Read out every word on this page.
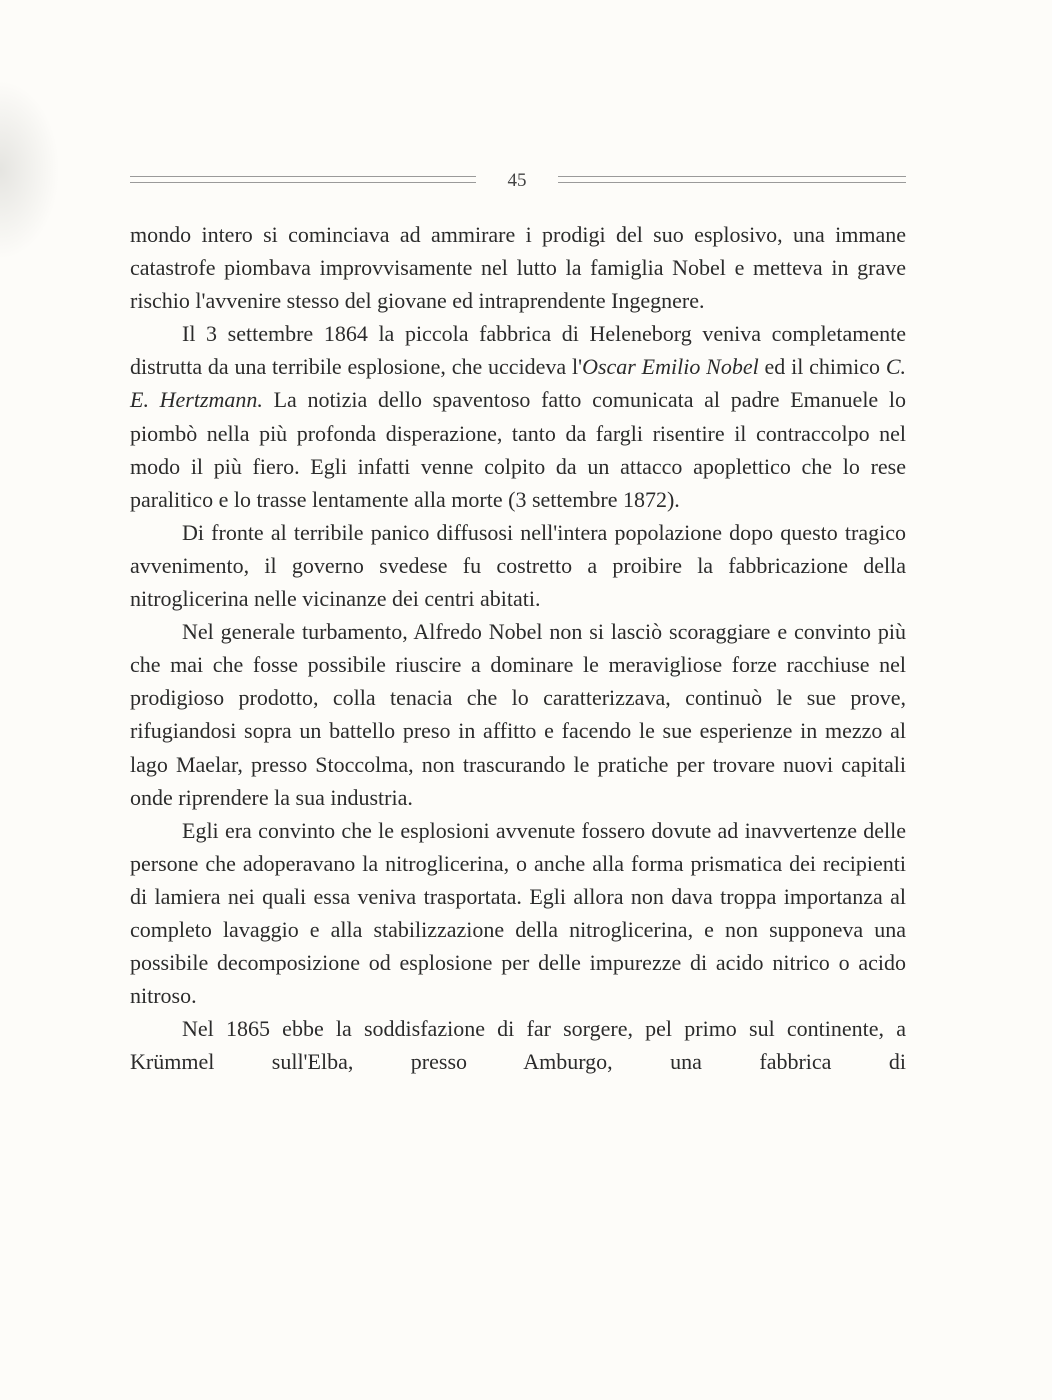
45

mondo intero si cominciava ad ammirare i prodigi del suo esplosivo, una immane catastrofe piombava improvvisamente nel lutto la famiglia Nobel e metteva in grave rischio l'avvenire stesso del giovane ed intraprendente Ingegnere.

Il 3 settembre 1864 la piccola fabbrica di Heleneborg veniva completamente distrutta da una terribile esplosione, che uccideva l'Oscar Emilio Nobel ed il chimico C. E. Hertzmann. La notizia dello spaventoso fatto comunicata al padre Emanuele lo piombò nella più profonda disperazione, tanto da fargli risentire il contraccolpo nel modo il più fiero. Egli infatti venne colpito da un attacco apoplettico che lo rese paralitico e lo trasse lentamente alla morte (3 settembre 1872).

Di fronte al terribile panico diffusosi nell'intera popolazione dopo questo tragico avvenimento, il governo svedese fu costretto a proibire la fabbricazione della nitroglicerina nelle vicinanze dei centri abitati.

Nel generale turbamento, Alfredo Nobel non si lasciò scoraggiare e convinto più che mai che fosse possibile riuscire a dominare le meravigliose forze racchiuse nel prodigioso prodotto, colla tenacia che lo caratterizzava, continuò le sue prove, rifugiandosi sopra un battello preso in affitto e facendo le sue esperienze in mezzo al lago Maelar, presso Stoccolma, non trascurando le pratiche per trovare nuovi capitali onde riprendere la sua industria.

Egli era convinto che le esplosioni avvenute fossero dovute ad inavvertenze delle persone che adoperavano la nitroglicerina, o anche alla forma prismatica dei recipienti di lamiera nei quali essa veniva trasportata. Egli allora non dava troppa importanza al completo lavaggio e alla stabilizzazione della nitroglicerina, e non supponeva una possibile decomposizione od esplosione per delle impurezze di acido nitrico o acido nitroso.

Nel 1865 ebbe la soddisfazione di far sorgere, pel primo sul continente, a Krümmel sull'Elba, presso Amburgo, una fabbrica di
